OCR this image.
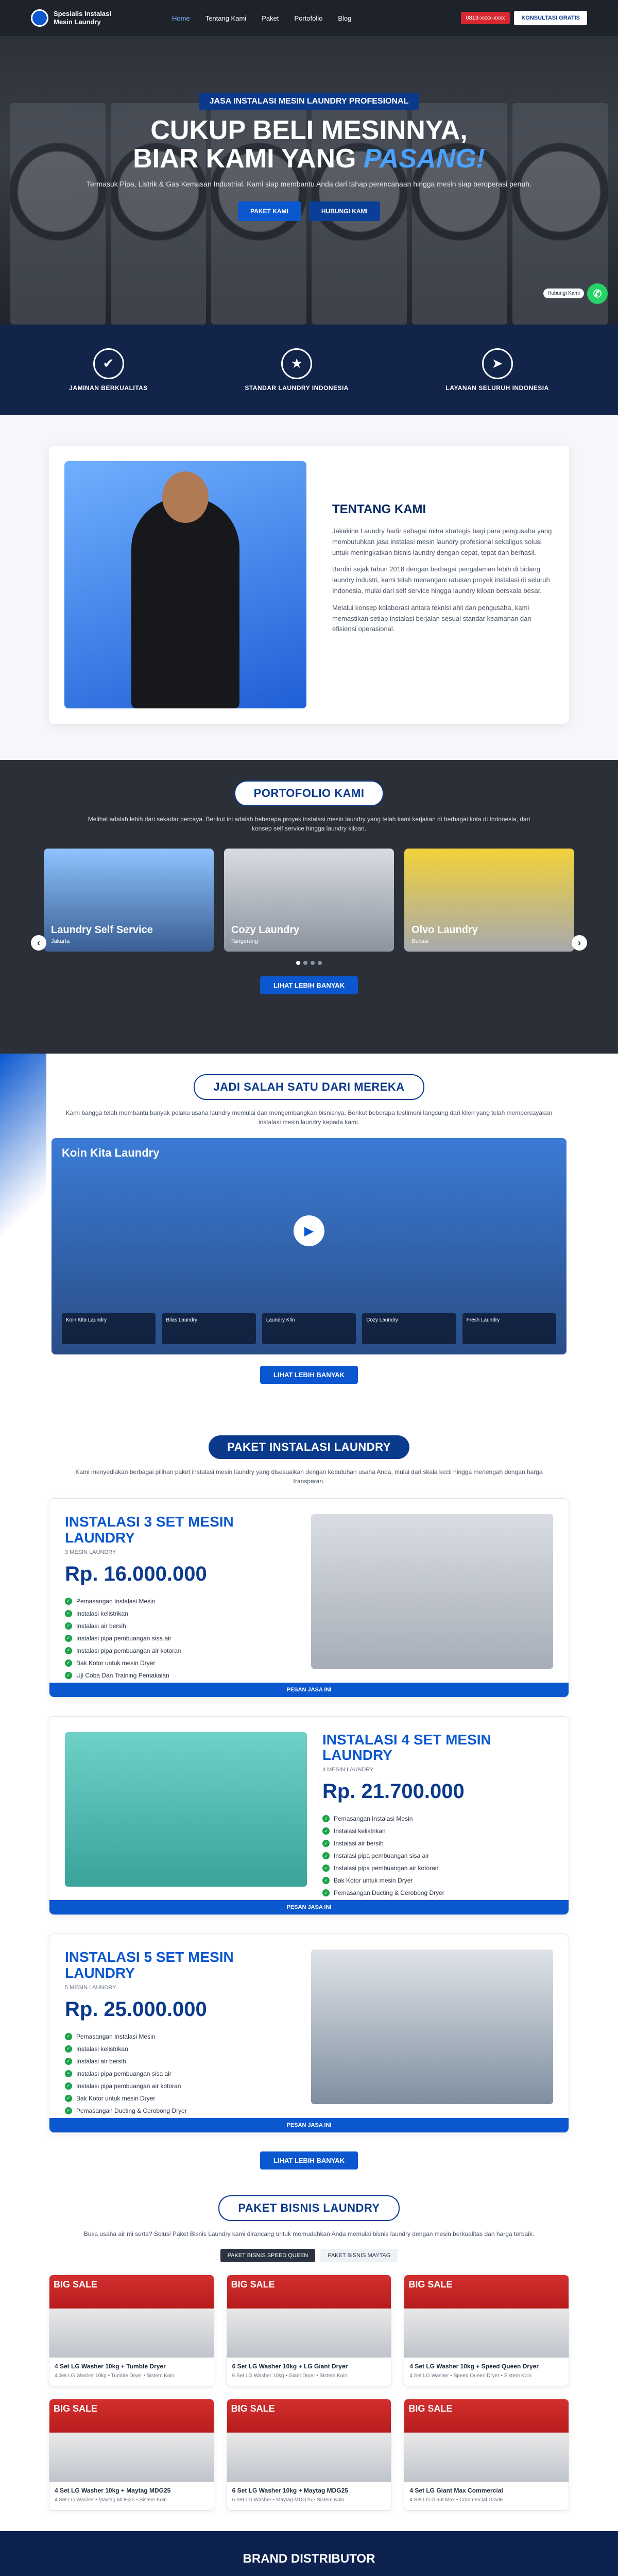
Spesialis Instalasi Mesin Laundry	Home Tentang Kami Paket Portofolio Blog	0813-xxxx-xxxx	KONSULTASI GRATIS
JASA INSTALASI MESIN LAUNDRY PROFESIONAL
CUKUP BELI MESINNYA,
BIAR KAMI YANG PASANG!
Termasuk Pipa, Listrik & Gas Kemasan Industrial. Kami siap membantu Anda dari tahap perencanaan hingga mesin siap beroperasi penuh.
PAKET KAMI	HUBUNGI KAMI
Hubungi Kami	✆
✔
JAMINAN BERKUALITAS
★
STANDAR LAUNDRY INDONESIA
➤
LAYANAN SELURUH INDONESIA
TENTANG KAMI

Jakakine Laundry hadir sebagai mitra strategis bagi para pengusaha yang membutuhkan jasa instalasi mesin laundry profesional sekaligus solusi untuk meningkatkan bisnis laundry dengan cepat, tepat dan berhasil.

Berdiri sejak tahun 2018 dengan berbagai pengalaman lebih di bidang laundry industri, kami telah menangani ratusan proyek instalasi di seluruh Indonesia, mulai dari self service hingga laundry kiloan berskala besar.

Melalui konsep kolaborasi antara teknisi ahli dan pengusaha, kami memastikan setiap instalasi berjalan sesuai standar keamanan dan efisiensi operasional.

PORTOFOLIO KAMI
Melihat adalah lebih dari sekadar percaya. Berikut ini adalah beberapa proyek instalasi mesin laundry yang telah kami kerjakan di berbagai kota di Indonesia, dari konsep self service hingga laundry kiloan.
Laundry Self Service
Jakarta
Cozy Laundry
Tangerang
Olvo Laundry
Bekasi
‹	›
LIHAT LEBIH BANYAK
JADI SALAH SATU DARI MEREKA
Kami bangga telah membantu banyak pelaku usaha laundry memulai dan mengembangkan bisnisnya. Berikut beberapa testimoni langsung dari klien yang telah mempercayakan instalasi mesin laundry kepada kami.
Koin Kita Laundry
▶
Koin Kita Laundry	Bilas Laundry	Laundry Klin	Cozy Laundry	Fresh Laundry
LIHAT LEBIH BANYAK
PAKET INSTALASI LAUNDRY
Kami menyediakan berbagai pilihan paket instalasi mesin laundry yang disesuaikan dengan kebutuhan usaha Anda, mulai dari skala kecil hingga menengah dengan harga transparan.
INSTALASI 3 SET MESIN LAUNDRY
3 MESIN LAUNDRY
Rp. 16.000.000
✓ Pemasangan Instalasi Mesin
✓ Instalasi kelistrikan
✓ Instalasi air bersih
✓ Instalasi pipa pembuangan sisa air
✓ Instalasi pipa pembuangan air kotoran
✓ Bak Kotor untuk mesin Dryer
✓ Uji Coba Dan Training Pemakaian
PESAN JASA INI
INSTALASI 4 SET MESIN LAUNDRY
4 MESIN LAUNDRY
Rp. 21.700.000
✓ Pemasangan Instalasi Mesin
✓ Instalasi kelistrikan
✓ Instalasi air bersih
✓ Instalasi pipa pembuangan sisa air
✓ Instalasi pipa pembuangan air kotoran
✓ Bak Kotor untuk mesin Dryer
✓ Pemasangan Ducting & Cerobong Dryer
PESAN JASA INI
INSTALASI 5 SET MESIN LAUNDRY
5 MESIN LAUNDRY
Rp. 25.000.000
✓ Pemasangan Instalasi Mesin
✓ Instalasi kelistrikan
✓ Instalasi air bersih
✓ Instalasi pipa pembuangan sisa air
✓ Instalasi pipa pembuangan air kotoran
✓ Bak Kotor untuk mesin Dryer
✓ Pemasangan Ducting & Cerobong Dryer
PESAN JASA INI
LIHAT LEBIH BANYAK
PAKET BISNIS LAUNDRY
Buka usaha air mi serta? Solusi Paket Bisnis Laundry kami dirancang untuk memudahkan Anda memulai bisnis laundry dengan mesin berkualitas dan harga terbaik.
PAKET BISNIS SPEED QUEEN	PAKET BISNIS MAYTAG
BIG SALE
4 Set LG Washer 10kg + Tumble Dryer
4 Set LG Washer 10kg • Tumble Dryer • Sistem Koin
BIG SALE
6 Set LG Washer 10kg + LG Giant Dryer
6 Set LG Washer 10kg • Giant Dryer • Sistem Koin
BIG SALE
4 Set LG Washer 10kg + Speed Queen Dryer
4 Set LG Washer • Speed Queen Dryer • Sistem Koin
BIG SALE
4 Set LG Washer 10kg + Maytag MDG25
4 Set LG Washer • Maytag MDG25 • Sistem Koin
BIG SALE
6 Set LG Washer 10kg + Maytag MDG25
6 Set LG Washer • Maytag MDG25 • Sistem Koin
BIG SALE
4 Set LG Giant Max Commercial
4 Set LG Giant Max • Commercial Grade
BRAND DISTRIBUTOR
